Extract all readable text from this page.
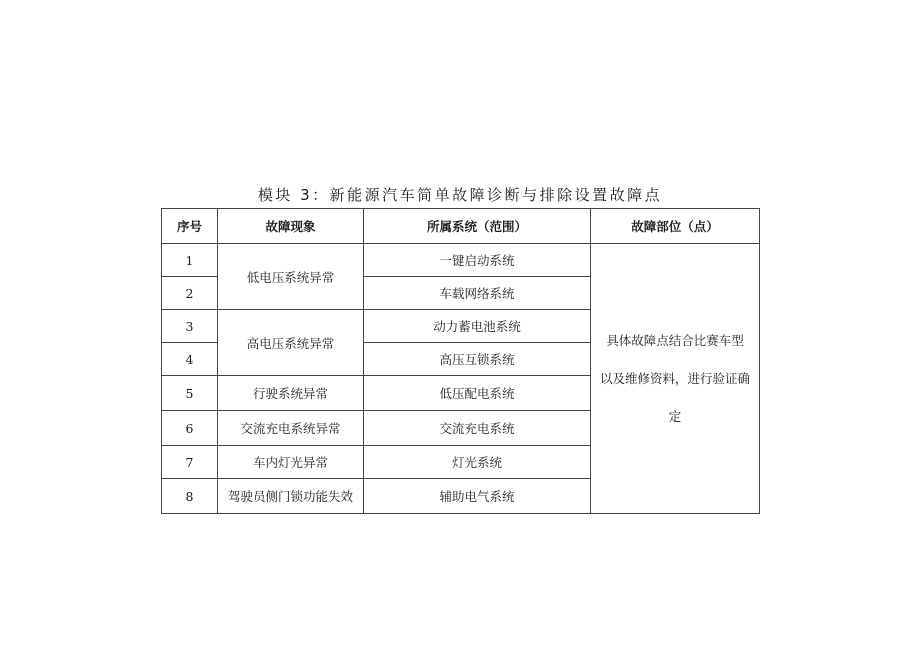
模块 3：新能源汽车简单故障诊断与排除设置故障点
序号	故障现象	所属系统（范围）	故障部位（点）
1	低电压系统异常	一键启动系统	具体故障点结合比赛车型
以及维修资料，进行验证确
定

2		车载网络系统	
3	高电压系统异常	动力蓄电池系统	
4		高压互锁系统	
5	行驶系统异常	低压配电系统	
6	交流充电系统异常	交流充电系统	
7	车内灯光异常	灯光系统	
8	驾驶员侧门锁功能失效	辅助电气系统	
